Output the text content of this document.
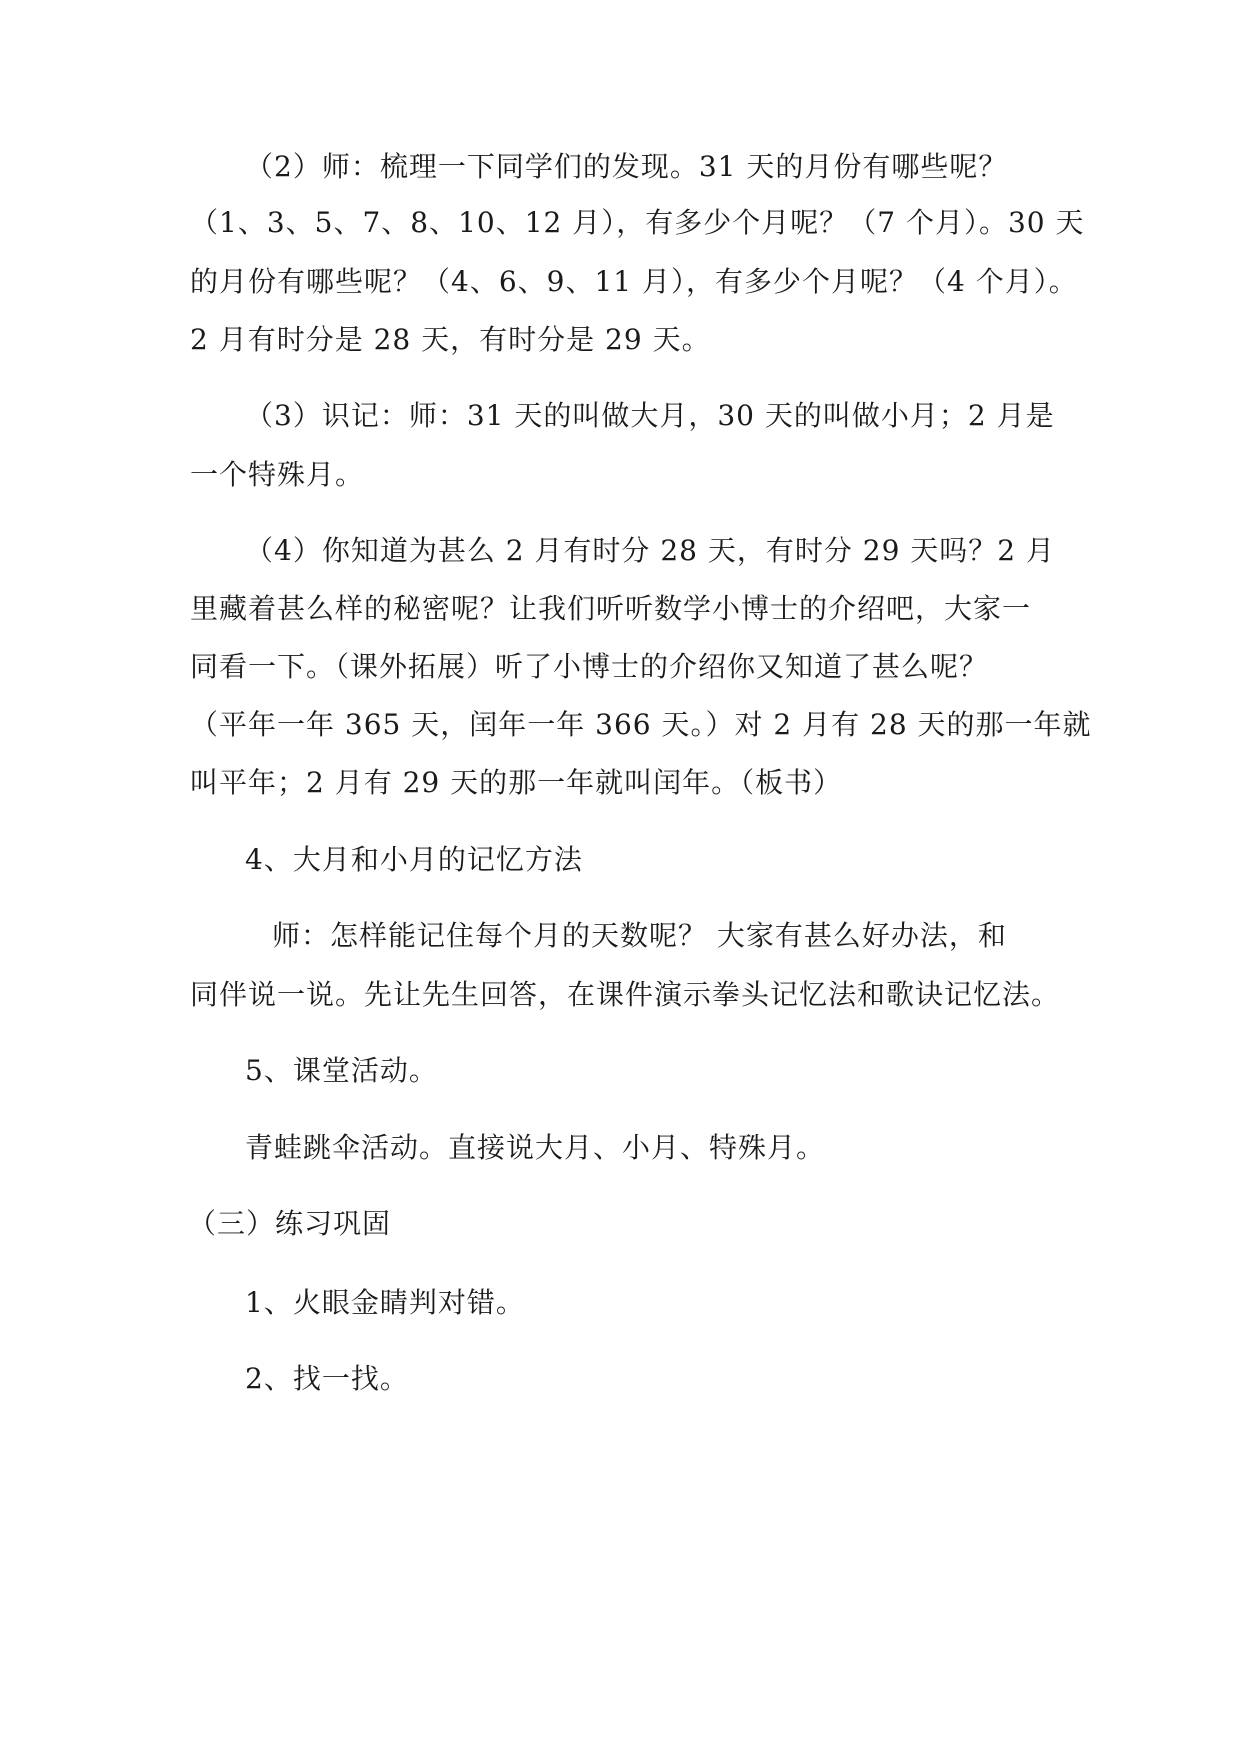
（2）师：梳理一下同学们的发现。31 天的月份有哪些呢？
（1、3、5、7、8、10、12 月），有多少个月呢？（7 个月）。30 天
的月份有哪些呢？（4、6、9、11 月），有多少个月呢？（4 个月）。
2 月有时分是 28 天，有时分是 29 天。
（3）识记：师：31 天的叫做大月，30 天的叫做小月；2 月是
一个特殊月。
（4）你知道为甚么 2 月有时分 28 天，有时分 29 天吗？2 月
里藏着甚么样的秘密呢？让我们听听数学小博士的介绍吧，大家一
同看一下。（课外拓展）听了小博士的介绍你又知道了甚么呢？
（平年一年 365 天，闰年一年 366 天。）对 2 月有 28 天的那一年就
叫平年；2 月有 29 天的那一年就叫闰年。（板书）
4、大月和小月的记忆方法
师：怎样能记住每个月的天数呢？ 大家有甚么好办法，和
同伴说一说。先让先生回答，在课件演示拳头记忆法和歌诀记忆法。
5、课堂活动。
青蛙跳伞活动。直接说大月、小月、特殊月。
（三）练习巩固
1、火眼金睛判对错。
2、找一找。
